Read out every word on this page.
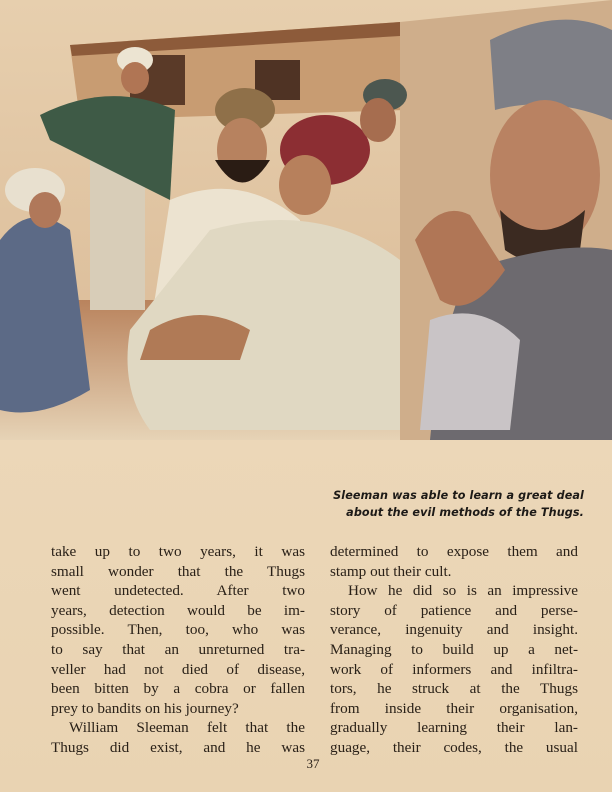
Sleeman was able to learn a great deal
about the evil methods of the Thugs.
take up to two years, it was
small wonder that the Thugs
went undetected. After two
years, detection would be im-
possible. Then, too, who was
to say that an unreturned tra-
veller had not died of disease,
been bitten by a cobra or fallen
prey to bandits on his journey?
William Sleeman felt that the
Thugs did exist, and he was
determined to expose them and
stamp out their cult.
How he did so is an impressive
story of patience and perse-
verance, ingenuity and insight.
Managing to build up a net-
work of informers and infiltra-
tors, he struck at the Thugs
from inside their organisation,
gradually learning their lan-
guage, their codes, the usual
37
